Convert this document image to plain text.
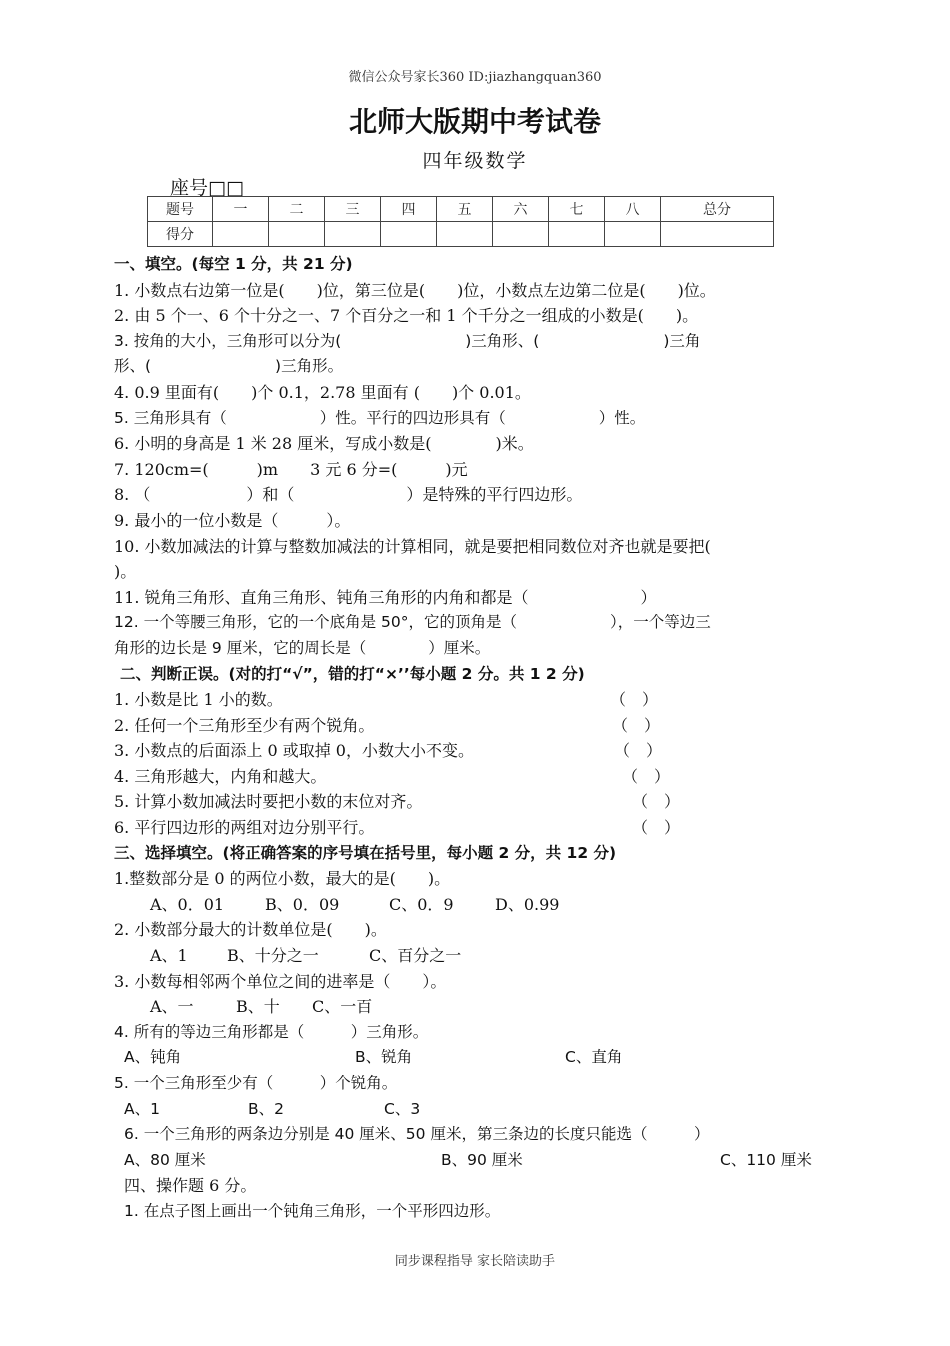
微信公众号家长360 ID:jiazhangquan360
北师大版期中考试卷
四年级数学
座号□□
题号	一	二	三	四	五	六	七	八	总分
得分									
一、填空。(每空 1 分，共 21 分)
1. 小数点右边第一位是(　　)位，第三位是(　　)位，小数点左边第二位是(　　)位。
2. 由 5 个一、6 个十分之一、7 个百分之一和 1 个千分之一组成的小数是(　　)。
3. 按角的大小，三角形可以分为(　　　　　　　　)三角形、(　　　　　　　　)三角
形、(　　　　　　　　)三角形。
4. 0.9 里面有(　　)个 0.1，2.78 里面有 (　　)个 0.01。
5. 三角形具有（　　　　　　）性。平行的四边形具有（　　　　　　）性。
6. 小明的身高是 1 米 28 厘米，写成小数是(　　　　)米。
7. 120cm=(　　　)m　　3 元 6 分=(　　　)元
8. （　　　　　　）和（　　　　　　　）是特殊的平行四边形。
9. 最小的一位小数是（　　　）。
10. 小数加减法的计算与整数加减法的计算相同，就是要把相同数位对齐也就是要把(
)。
11. 锐角三角形、直角三角形、钝角三角形的内角和都是（　　　　　　　）
12. 一个等腰三角形，它的一个底角是 50°，它的顶角是（　　　　　　），一个等边三
角形的边长是 9 厘米，它的周长是（　　　　）厘米。
二、判断正误。(对的打“√”，错的打“×’’每小题 2 分。共 1 2 分)
1. 小数是比 1 小的数。	（　）
2. 任何一个三角形至少有两个锐角。	（　）
3. 小数点的后面添上 0 或取掉 0，小数大小不变。	（　）
4. 三角形越大，内角和越大。	（　）
5. 计算小数加减法时要把小数的末位对齐。	（　）
6. 平行四边形的两组对边分别平行。	（　）
三、选择填空。(将正确答案的序号填在括号里，每小题 2 分，共 12 分)
1.整数部分是 0 的两位小数，最大的是(　　)。
A、0．01	B、0．09	C、0．9	D、0.99
2. 小数部分最大的计数单位是(　　)。
A、1 B、十分之一	C、百分之一
3. 小数每相邻两个单位之间的进率是（　　）。
A、一	B、十 C、一百
4. 所有的等边三角形都是（　　　）三角形。
A、钝角	B、锐角	C、直角
5. 一个三角形至少有（　　　）个锐角。
A、1	B、2	C、3
6. 一个三角形的两条边分别是 40 厘米、50 厘米，第三条边的长度只能选（　　　）
A、80 厘米	B、90 厘米	C、110 厘米
四、操作题 6 分。
1. 在点子图上画出一个钝角三角形，一个平形四边形。
同步课程指导 家长陪读助手
